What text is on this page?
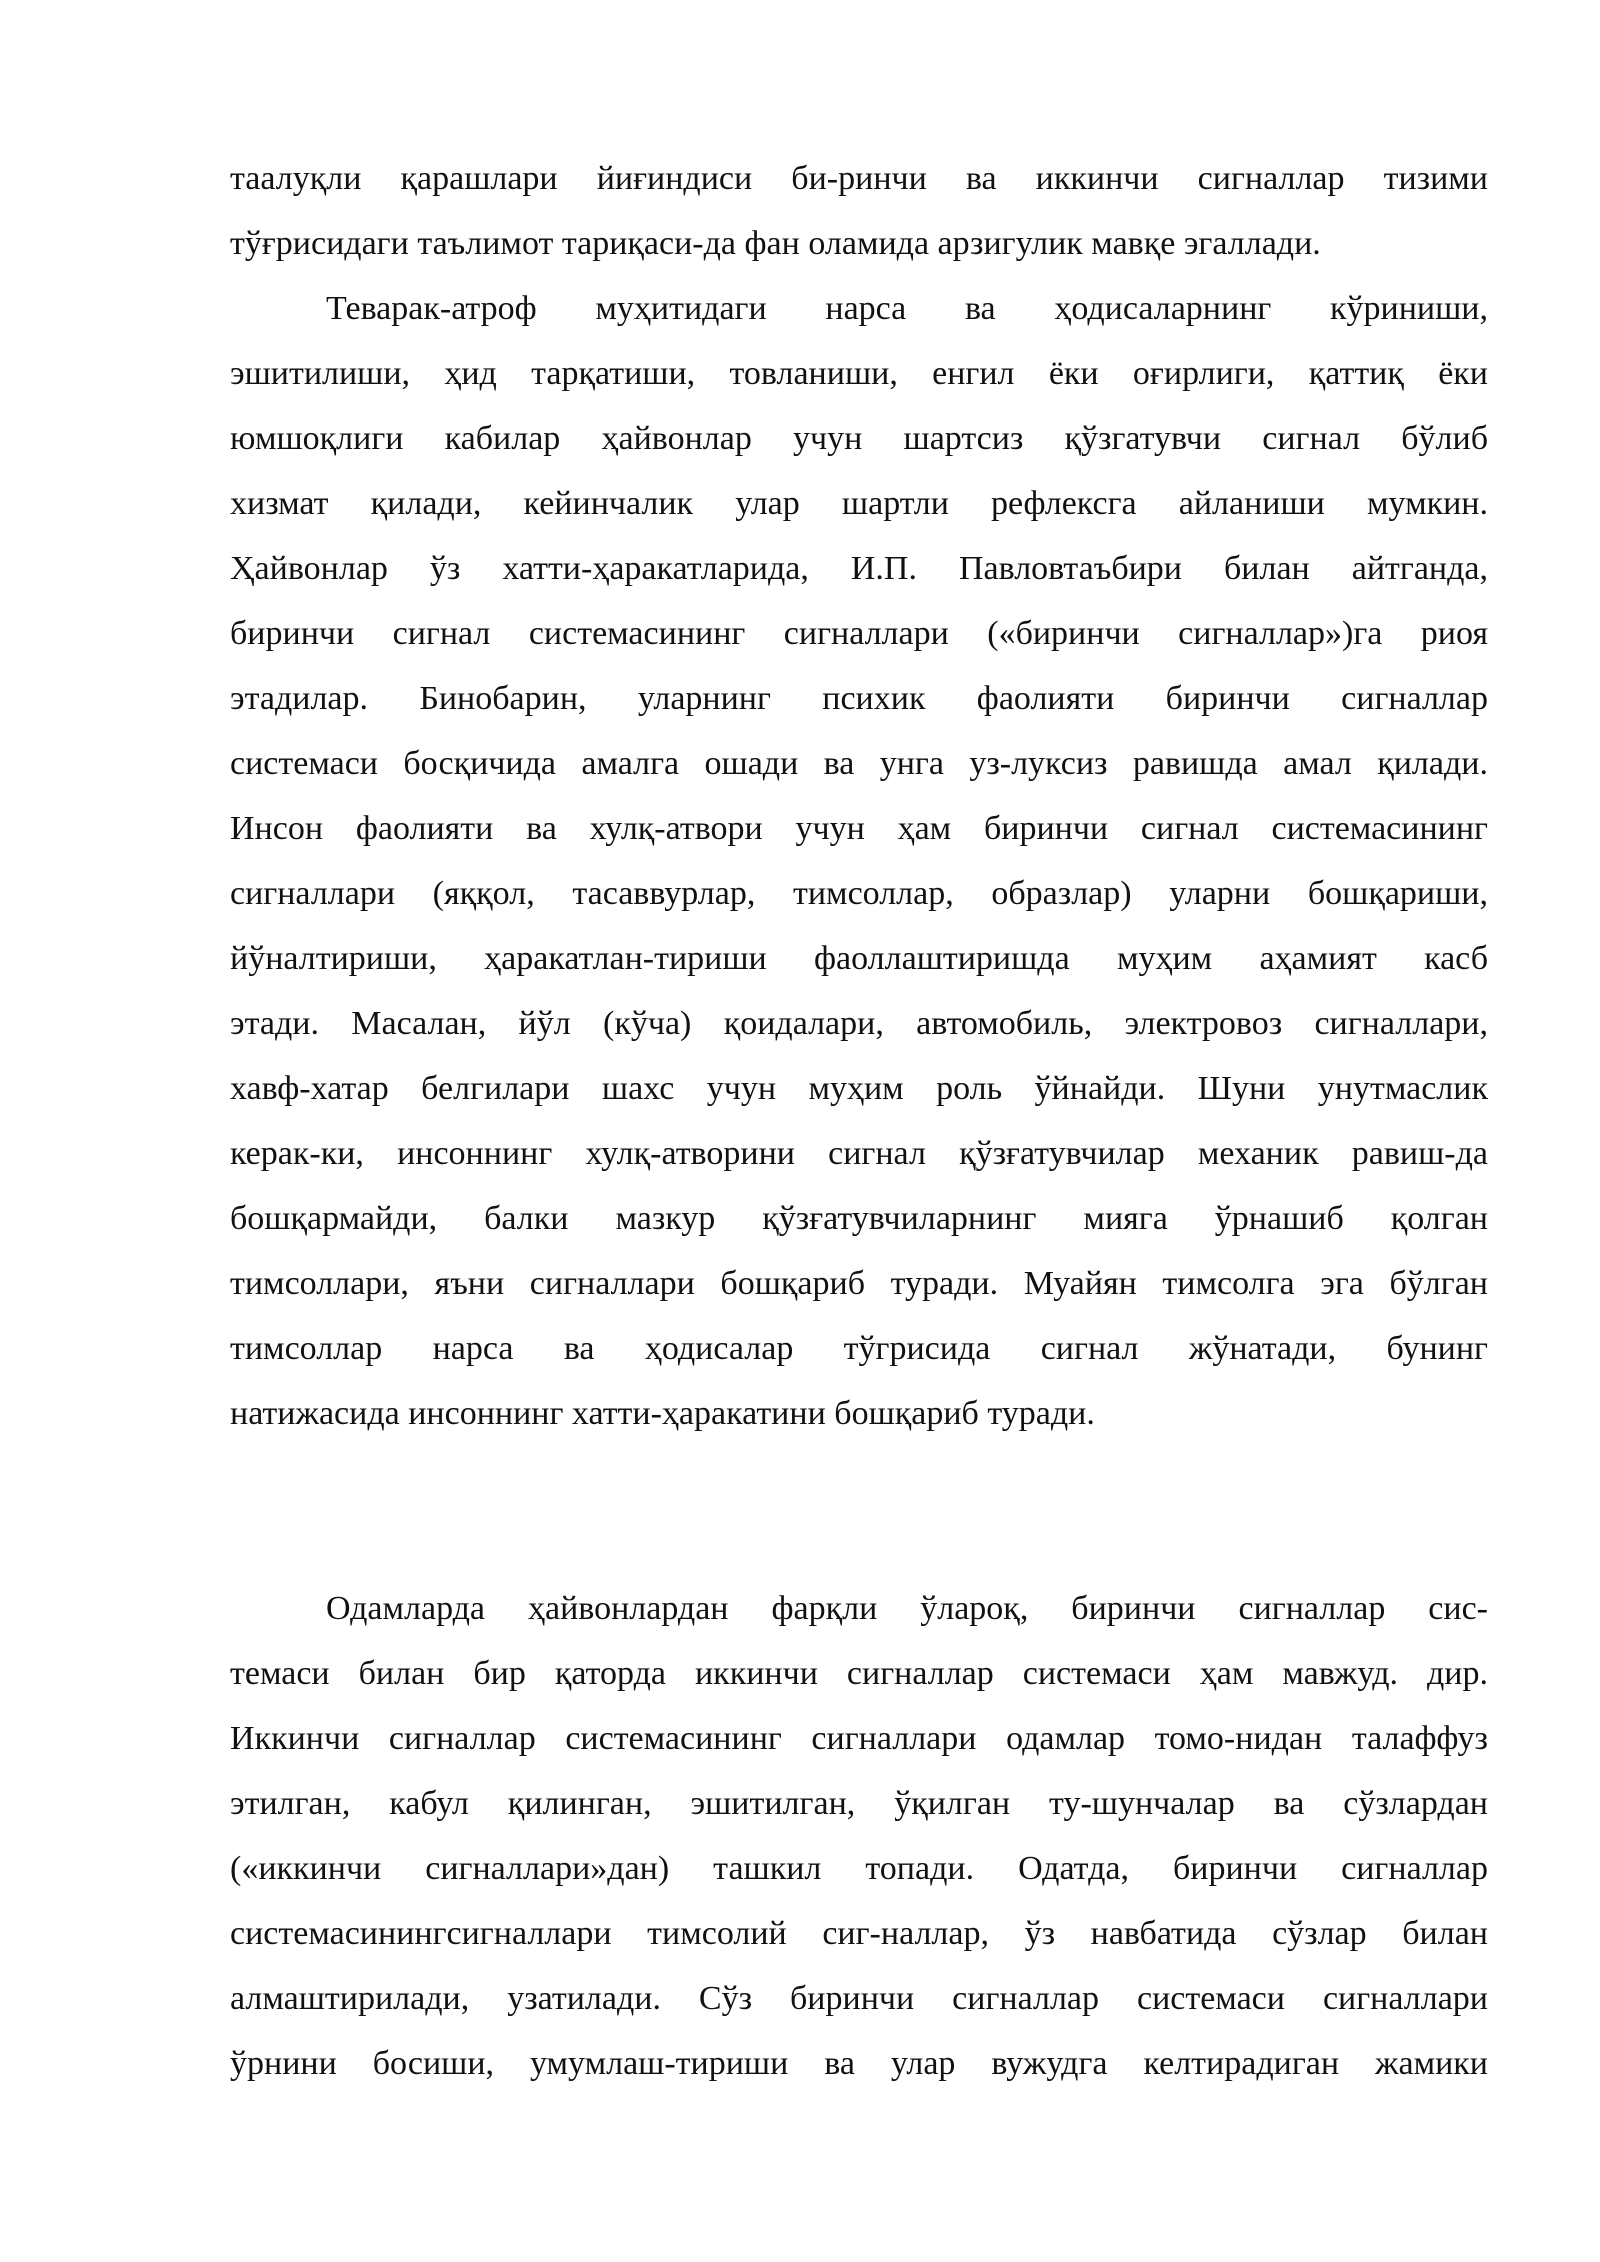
таалуқли қарашлари йиғиндиси би-ринчи ва иккинчи сигналлар тизими
тўғрисидаги таълимот тариқаси-да фан оламида арзигулик мавқе эгаллади.
Теварак-атроф муҳитидаги нарса ва ҳодисаларнинг кўриниши,
эшитилиши, ҳид тарқатиши, товланиши, енгил ёки оғирлиги, қаттиқ ёки
юмшоқлиги кабилар ҳайвонлар учун шартсиз қўзгатувчи сигнал бўлиб
хизмат қилади, кейинчалик улар шартли рефлексга айланиши мумкин.
Ҳайвонлар ўз хатти-ҳаракатларида, И.П. Павловтаъбири билан айтганда,
биринчи сигнал системасининг сигналлари («биринчи сигналлар»)га риоя
этадилар. Бинобарин, уларнинг психик фаолияти биринчи сигналлар
системаси босқичида амалга ошади ва унга уз-луксиз равишда амал қилади.
Инсон фаолияти ва хулқ-атвори учун ҳам биринчи сигнал системасининг
сигналлари (яққол, тасаввурлар, тимсоллар, образлар) уларни бошқариши,
йўналтириши, ҳаракатлан-тириши фаоллаштиришда муҳим аҳамият касб
этади. Масалан, йўл (кўча) қоидалари, автомобиль, электровоз сигналлари,
хавф-хатар белгилари шахс учун муҳим роль ўйнайди. Шуни унутмаслик
керак-ки, инсоннинг хулқ-атворини сигнал қўзғатувчилар механик равиш-да
бошқармайди, балки мазкур қўзғатувчиларнинг мияга ўрнашиб қолган
тимсоллари, яъни сигналлари бошқариб туради. Муайян тимсолга эга бўлган
тимсоллар нарса ва ҳодисалар тўгрисида сигнал жўнатади, бунинг
натижасида инсоннинг хатти-ҳаракатини бошқариб туради.
Одамларда ҳайвонлардан фарқли ўлароқ, биринчи сигналлар сис-
темаси билан бир қаторда иккинчи сигналлар системаси ҳам мавжуд. дир.
Иккинчи сигналлар системасининг сигналлари одамлар томо-нидан талаффуз
этилган, кабул қилинган, эшитилган, ўқилган ту-шунчалар ва сўзлардан
(«иккинчи сигналлари»дан) ташкил топади. Одатда, биринчи сигналлар
системасинингсигналлари тимсолий сиг-наллар, ўз навбатида сўзлар билан
алмаштирилади, узатилади. Сўз биринчи сигналлар системаси сигналлари
ўрнини босиши, умумлаш-тириши ва улар вужудга келтирадиган жамики
